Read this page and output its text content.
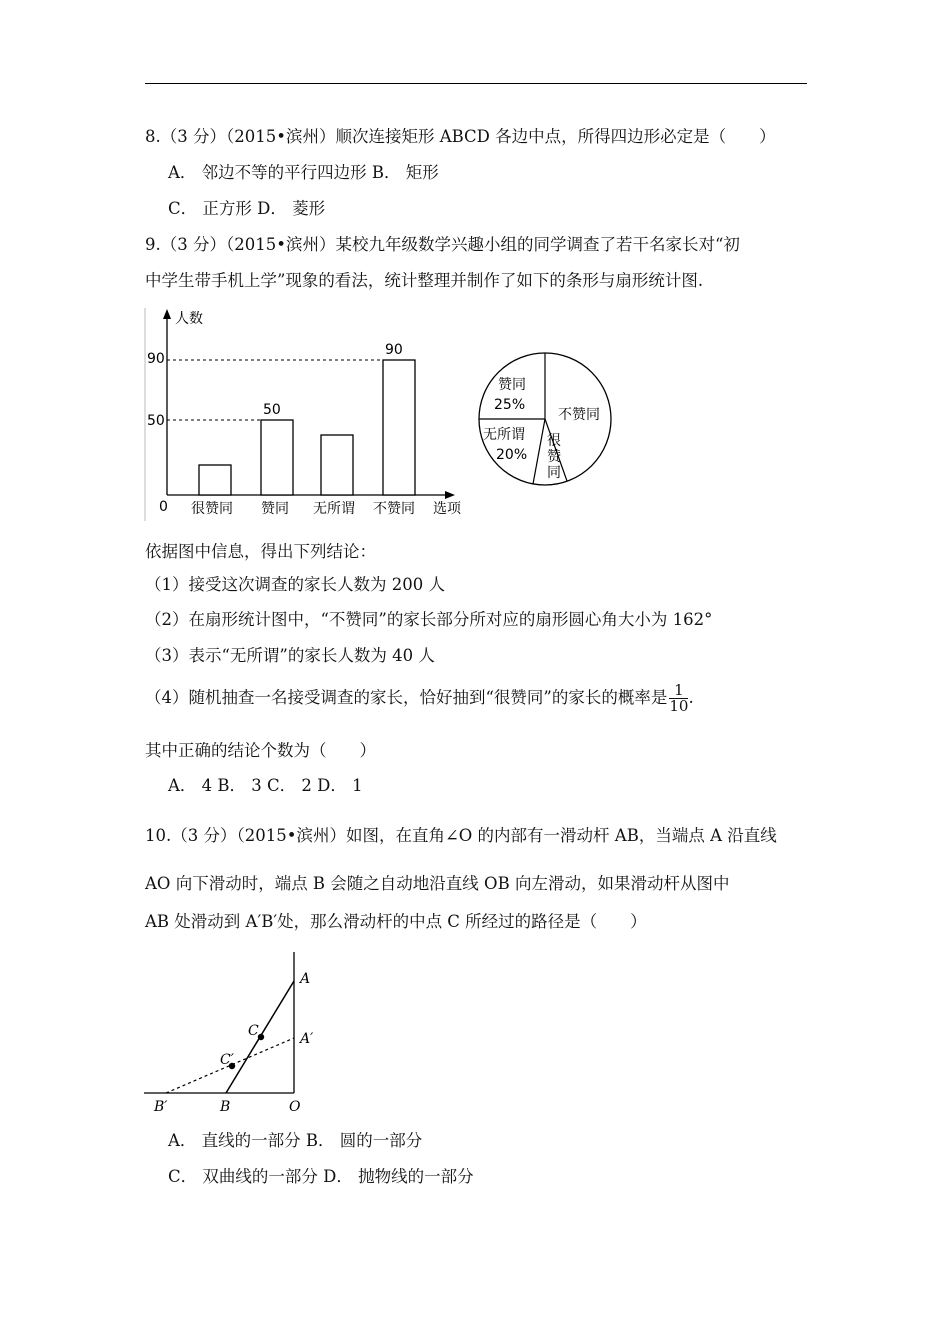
8.（3 分）（2015•滨州）顺次连接矩形 ABCD 各边中点，所得四边形必定是（　　）
A． 邻边不等的平行四边形 B． 矩形
C． 正方形 D． 菱形
9.（3 分）（2015•滨州）某校九年级数学兴趣小组的同学调查了若干名家长对“初
中学生带手机上学”现象的看法，统计整理并制作了如下的条形与扇形统计图.
人数
选项
0
50
90
50
90
很赞同 赞同 无所谓 不赞同
赞同
25%
不赞同
无所谓
20%
很赞同
依据图中信息，得出下列结论：
（1）接受这次调查的家长人数为 200 人
（2）在扇形统计图中，“不赞同”的家长部分所对应的扇形圆心角大小为 162°
（3）表示“无所谓”的家长人数为 40 人
（4）随机抽查一名接受调查的家长，恰好抽到“很赞同”的家长的概率是 $\frac{1}{10}$ .
其中正确的结论个数为（　　）
A． 4 B． 3 C． 2 D． 1
10.（3 分）（2015•滨州）如图，在直角∠O 的内部有一滑动杆 AB，当端点 A 沿直线
AO 向下滑动时，端点 B 会随之自动地沿直线 OB 向左滑动，如果滑动杆从图中
AB 处滑动到 A′B′处，那么滑动杆的中点 C 所经过的路径是（　　）
A
A′
C
C′
B′	B	O
A． 直线的一部分 B． 圆的一部分
C． 双曲线的一部分 D． 抛物线的一部分
